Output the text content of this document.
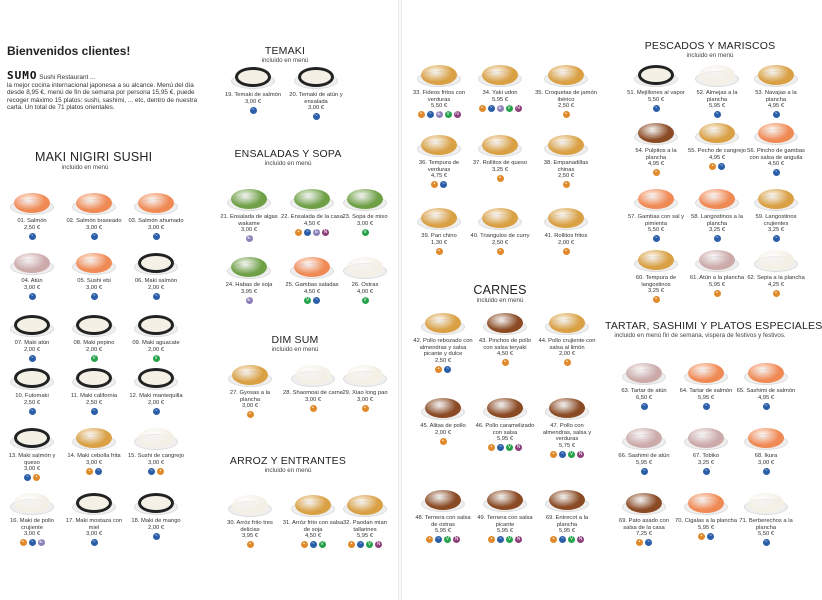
Bienvenidos clientes!
SUMO Sushi Restaurant ...
la mejor cocina internacional japonesa a su alcance. Menú del día desde 8,95 €, menú de fin de semana por persona 15,95 €, puede recoger máximo 15 platos: sushi, sashimi, ... etc, dentro de nuestra carta. Un total de 71 platos orientales.
MAKI NIGIRI SUSHI
incluido en menú
01. Salmón
2,50 €
~
02. Salmón braseado
3,00 €
~
03. Salmón ahumado
3,00 €
~
04. Atún
3,00 €
~
05. Sushi ebi
3,00 €
~
06. Maki salmón
2,00 €
~
07. Maki atún
2,00 €
~
08. Maki pepino
2,00 €
V
09. Maki aguacate
2,00 €
V
10. Futomaki
2,50 €
~
11. Maki california
2,50 €
~
12. Maki mantequilla
2,00 €
~
13. Maki salmón y queso
3,00 €
~ •
14. Maki cebolla frita
3,00 €
• ~
15. Sushi de cangrejo
3,00 €
~ •
16. Maki de pollo crujiente
3,00 €
• ~ E
17. Maki mostaza con miel
3,00 €
~
18. Maki de mango
2,00 €
~
TEMAKI
incluido en menú
19. Temaki de salmón
3,00 €
~
20. Temaki de atún y ensalada
3,00 €
~
ENSALADAS Y SOPA
incluido en menú
21. Ensalada de algas wakame
3,00 €
E
22. Ensalada de la casa
4,50 €
• ~ E N
23. Sopa de miso
3,00 €
V
24. Habas de soja
3,95 €
E
25. Gambas saladas
4,50 €
V ~
26. Ostras
4,00 €
V
DIM SUM
incluido en menú
27. Gyosas a la plancha
3,00 €
•
28. Shaomoai de carne
3,00 €
•
29. Xiao long pao
3,00 €
•
ARROZ Y ENTRANTES
incluido en menú
30. Arróz frito tres delicias
3,95 €
•
31. Arróz frito con salsa de soja
4,50 €
• ~ V
32. Paodan mian tallarines
5,95 €
• ~ V N
33. Fideos fritos con verduras
5,50 €
• ~ E V N
34. Yaki udon
5,95 €
• ~ E V N
35. Croquetas de jamón ibérico
2,50 €
•
36. Tempura de verduras
4,75 €
• ~
37. Rollitos de queso
3,25 €
•
38. Empanadillas chinas
2,50 €
•
39. Pan chino
1,30 €
•
40. Triangulos de curry
2,50 €
•
41. Rollitos fritos
2,00 €
•
CARNES
incluido en menú
42. Pollo rebozado con almendras y salsa picante y dulce
2,50 €
• ~
43. Pinchos de pollo con salsa teryaki
4,50 €
•
44. Pollo crujiente con salsa al limón
2,00 €
•
45. Alitas de pollo
2,00 €
•
46. Pollo caramelizado con salsa
5,95 €
• ~ V N
47. Pollo con almendras, salsa y verduras
5,75 €
• ~ V N
48. Ternera con salsa de ostras
5,95 €
• ~ V N
49. Ternera con salsa picante
5,95 €
• ~ V N
69. Entrecot a la plancha
5,95 €
• ~ V N
PESCADOS Y MARISCOS
incluido en menú
51. Mejillones al vapor
5,50 €
~
52. Almejas a la plancha
5,95 €
~
53. Navajas a la plancha
4,95 €
~
54. Pulpitos a la plancha
4,95 €
•
55. Pecho de cangrejo
4,95 €
• ~
56. Pincho de gambas con salsa de anguila
4,50 €
~
57. Gambas con sal y pimienta
5,50 €
~
58. Langostinos a la plancha
3,25 €
~
59. Langostinos crujientes
3,25 €
~
60. Tempura de langostinos
3,25 €
•
61. Atún a la plancha
5,95 €
•
62. Sepia a la plancha
4,25 €
•
TARTAR, SASHIMI Y PLATOS ESPECIALES
incluido en menú fin de semana, vispera de festivos y festivos.
63. Tartar de atún
6,50 €
~
64. Tartar de salmón
5,95 €
~
65. Sashimi de salmón
4,95 €
~
66. Sashimi de atún
5,95 €
~
67. Tobiko
3,25 €
~
68. Ikura
3,00 €
~
69. Pato asado con salsa de la casa
7,25 €
• ~
70. Cigalas a la plancha
5,95 €
• ~
71. Berberechos a la plancha
5,50 €
~
